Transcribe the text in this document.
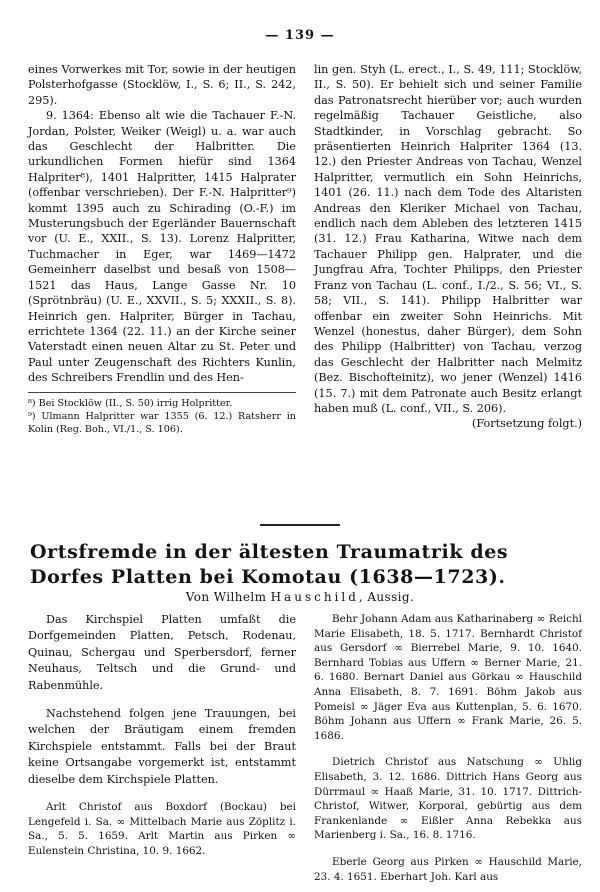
— 139 —

eines Vorwerkes mit Tor, sowie in der heutigen Polsterhofgasse (Stocklöw, I., S. 6; II., S. 242, 295).

9. 1364: Ebenso alt wie die Tachauer F.-N. Jordan, Polster, Weiker (Weigl) u. a. war auch das Geschlecht der Halbritter. Die urkundlichen Formen hiefür sind 1364 Halpriter⁸), 1401 Halpritter, 1415 Halprater (offenbar verschrieben). Der F.-N. Halpritter⁹) kommt 1395 auch zu Schirading (O.-F.) im Musterungsbuch der Egerländer Bauernschaft vor (U. E., XXII., S. 13). Lorenz Halpritter, Tuchmacher in Eger, war 1469—1472 Gemeinherr daselbst und besaß von 1508—1521 das Haus, Lange Gasse Nr. 10 (Sprötnbräu) (U. E., XXVII., S. 5; XXXII., S. 8). Heinrich gen. Halpriter, Bürger in Tachau, errichtete 1364 (22. 11.) an der Kirche seiner Vaterstadt einen neuen Altar zu St. Peter und Paul unter Zeugenschaft des Richters Kunlin, des Schreibers Frendlin und des Hen-

⁸) Bei Stocklöw (II., S. 50) irrig Holpritter.

⁹) Ulmann Halpritter war 1355 (6. 12.) Ratsherr in Kolin (Reg. Boh., VI./1., S. 106).

lin gen. Styh (L. erect., I., S. 49, 111; Stocklöw, II., S. 50). Er behielt sich und seiner Familie das Patronatsrecht hierüber vor; auch wurden regelmäßig Tachauer Geistliche, also Stadtkinder, in Vorschlag gebracht. So präsentierten Heinrich Halpriter 1364 (13. 12.) den Priester Andreas von Tachau, Wenzel Halpritter, vermutlich ein Sohn Heinrichs, 1401 (26. 11.) nach dem Tode des Altaristen Andreas den Kleriker Michael von Tachau, endlich nach dem Ableben des letzteren 1415 (31. 12.) Frau Katharina, Witwe nach dem Tachauer Philipp gen. Halprater, und die Jungfrau Afra, Tochter Philipps, den Priester Franz von Tachau (L. conf., I./2., S. 56; VI., S. 58; VII., S. 141). Philipp Halbritter war offenbar ein zweiter Sohn Heinrichs. Mit Wenzel (honestus, daher Bürger), dem Sohn des Philipp (Halbritter) von Tachau, verzog das Geschlecht der Halbritter nach Melmitz (Bez. Bischofteinitz), wo jener (Wenzel) 1416 (15. 7.) mit dem Patronate auch Besitz erlangt haben muß (L. conf., VII., S. 206).

(Fortsetzung folgt.)

Ortsfremde in der ältesten Traumatrik des Dorfes Platten bei Komotau (1638—1723).
Von Wilhelm Hauschild, Aussig.

Das Kirchspiel Platten umfaßt die Dorfgemeinden Platten, Petsch, Rodenau, Quinau, Schergau und Sperbersdorf, ferner Neuhaus, Teltsch und die Grund- und Rabenmühle.

Nachstehend folgen jene Trauungen, bei welchen der Bräutigam einem fremden Kirchspiele entstammt. Falls bei der Braut keine Ortsangabe vorgemerkt ist, entstammt dieselbe dem Kirchspiele Platten.

Arlt Christof aus Boxdorf (Bockau) bei Lengefeld i. Sa. ∞ Mittelbach Marie aus Zöplitz i. Sa., 5. 5. 1659. Arlt Martin aus Pirken ∞ Eulenstein Christina, 10. 9. 1662.

Behr Johann Adam aus Katharinaberg ∞ Reichl Marie Elisabeth, 18. 5. 1717. Bernhardt Christof aus Gersdorf ∞ Bierrebel Marie, 9. 10. 1640. Bernhard Tobias aus Uffern ∞ Berner Marie, 21. 6. 1680. Bernart Daniel aus Görkau ∞ Hauschild Anna Elisabeth, 8. 7. 1691. Böhm Jakob aus Pomeisl ∞ Jäger Eva aus Kuttenplan, 5. 6. 1670. Böhm Johann aus Uffern ∞ Frank Marie, 26. 5. 1686.

Dietrich Christof aus Natschung ∞ Uhlig Elisabeth, 3. 12. 1686. Dittrich Hans Georg aus Dürrmaul ∞ Haaß Marie, 31. 10. 1717. Dittrich-Christof, Witwer, Korporal, gebürtig aus dem Frankenlande ∞ Eißler Anna Rebekka aus Marienberg i. Sa., 16. 8. 1716.

Eberle Georg aus Pirken ∞ Hauschild Marie, 23. 4. 1651. Eberhart Joh. Karl aus
